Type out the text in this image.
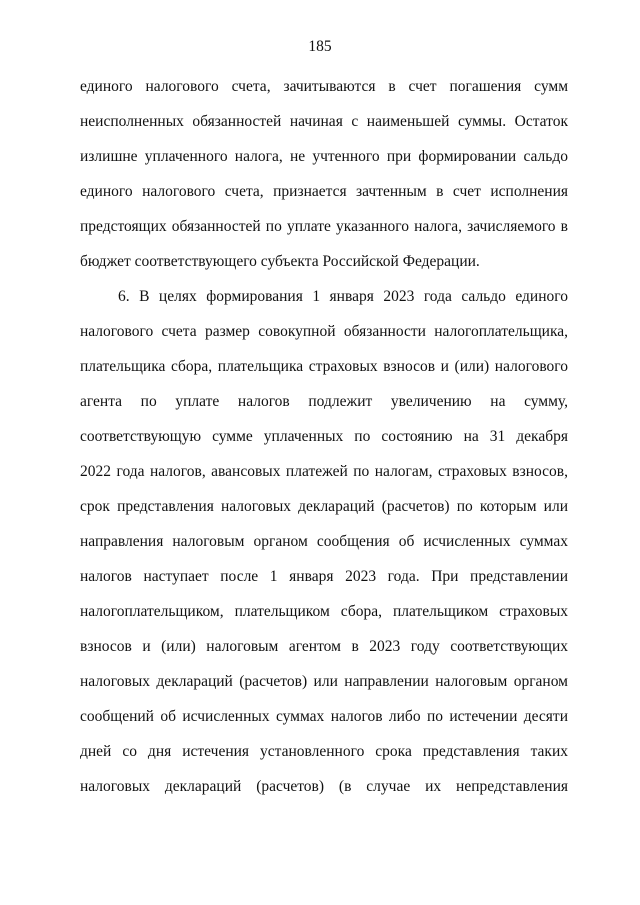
185
единого налогового счета, зачитываются в счет погашения сумм
неисполненных обязанностей начиная с наименьшей суммы. Остаток
излишне уплаченного налога, не учтенного при формировании сальдо
единого налогового счета, признается зачтенным в счет исполнения
предстоящих обязанностей по уплате указанного налога, зачисляемого в
бюджет соответствующего субъекта Российской Федерации.
6. В целях формирования 1 января 2023 года сальдо единого
налогового счета размер совокупной обязанности налогоплательщика,
плательщика сбора, плательщика страховых взносов и (или) налогового
агента по уплате налогов подлежит увеличению на сумму,
соответствующую сумме уплаченных по состоянию на 31 декабря
2022 года налогов, авансовых платежей по налогам, страховых взносов,
срок представления налоговых деклараций (расчетов) по которым или
направления налоговым органом сообщения об исчисленных суммах
налогов наступает после 1 января 2023 года. При представлении
налогоплательщиком, плательщиком сбора, плательщиком страховых
взносов и (или) налоговым агентом в 2023 году соответствующих
налоговых деклараций (расчетов) или направлении налоговым органом
сообщений об исчисленных суммах налогов либо по истечении десяти
дней со дня истечения установленного срока представления таких
налоговых деклараций (расчетов) (в случае их непредставления
